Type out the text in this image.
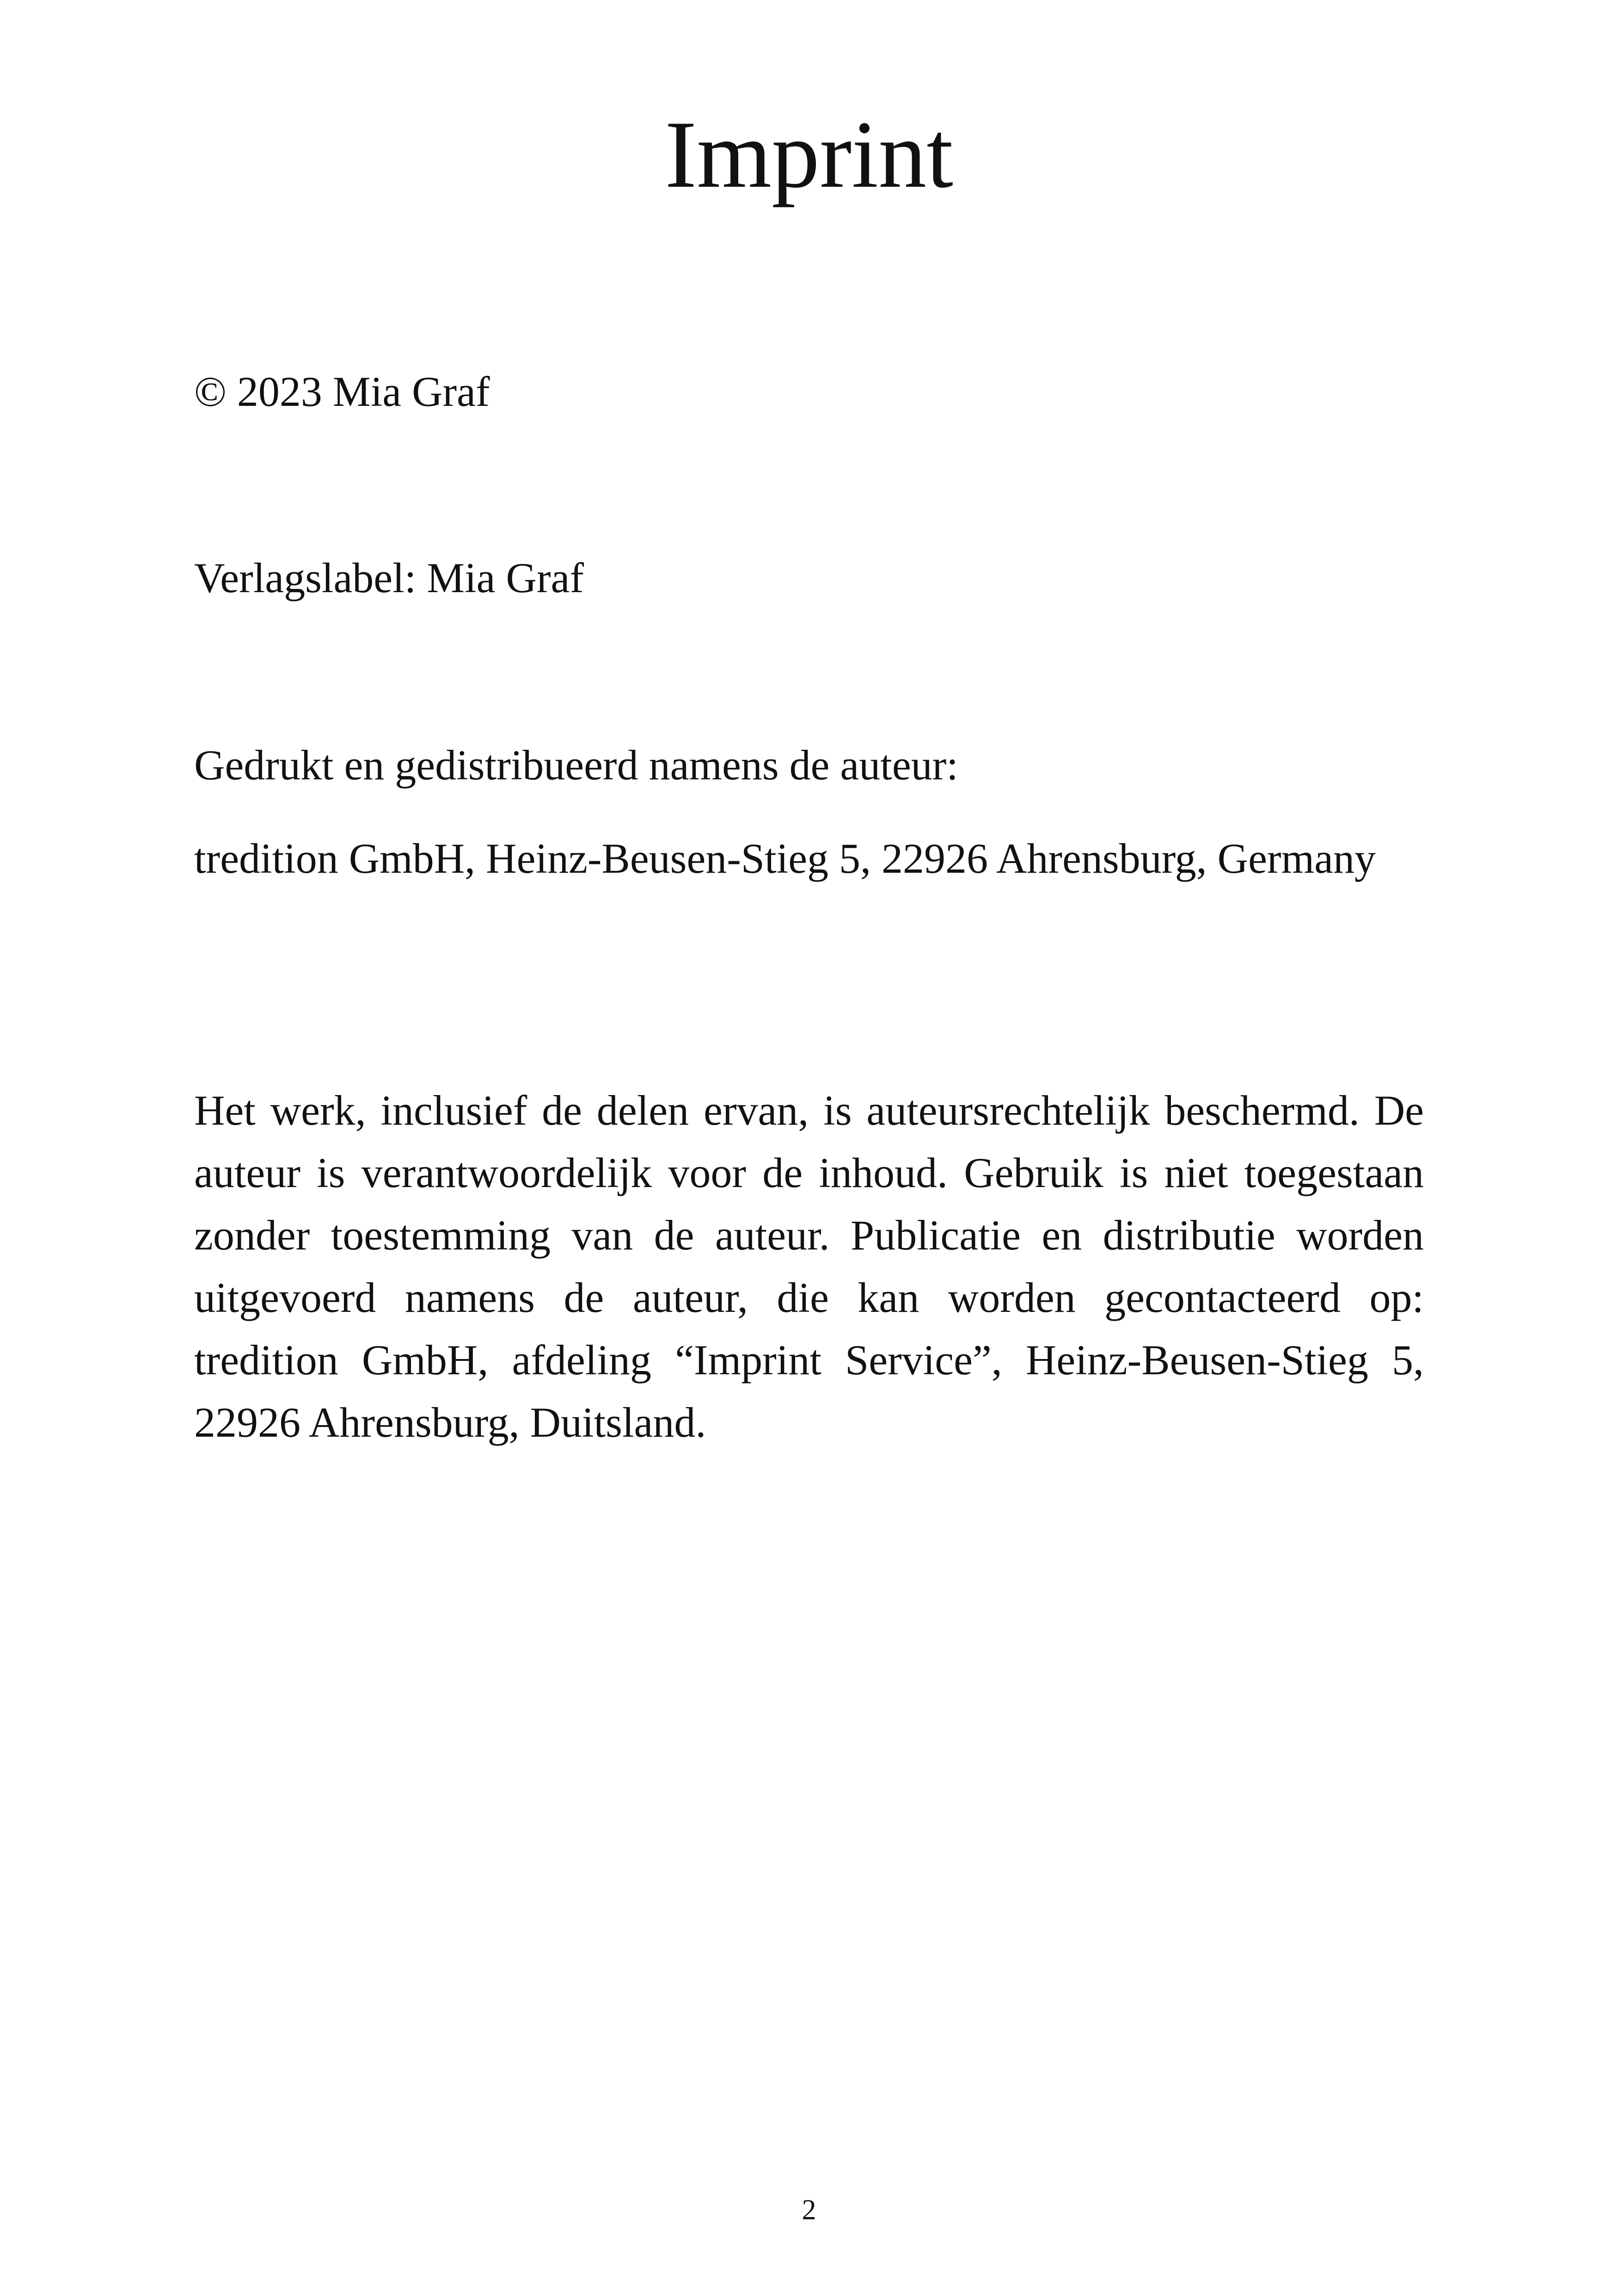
Imprint

© 2023 Mia Graf

Verlagslabel: Mia Graf

Gedrukt en gedistribueerd namens de auteur:

tredition GmbH, Heinz-Beusen-Stieg 5, 22926 Ahrensburg, Germany

Het werk, inclusief de delen ervan, is auteursrechtelijk beschermd. De auteur is verantwoordelijk voor de inhoud. Gebruik is niet toegestaan zonder toestemming van de auteur. Publicatie en distributie worden uitgevoerd namens de auteur, die kan worden gecontacteerd op: tredition GmbH, afdeling “Imprint Service”, Heinz-Beusen-Stieg 5, 22926 Ahrensburg, Duitsland.

2
